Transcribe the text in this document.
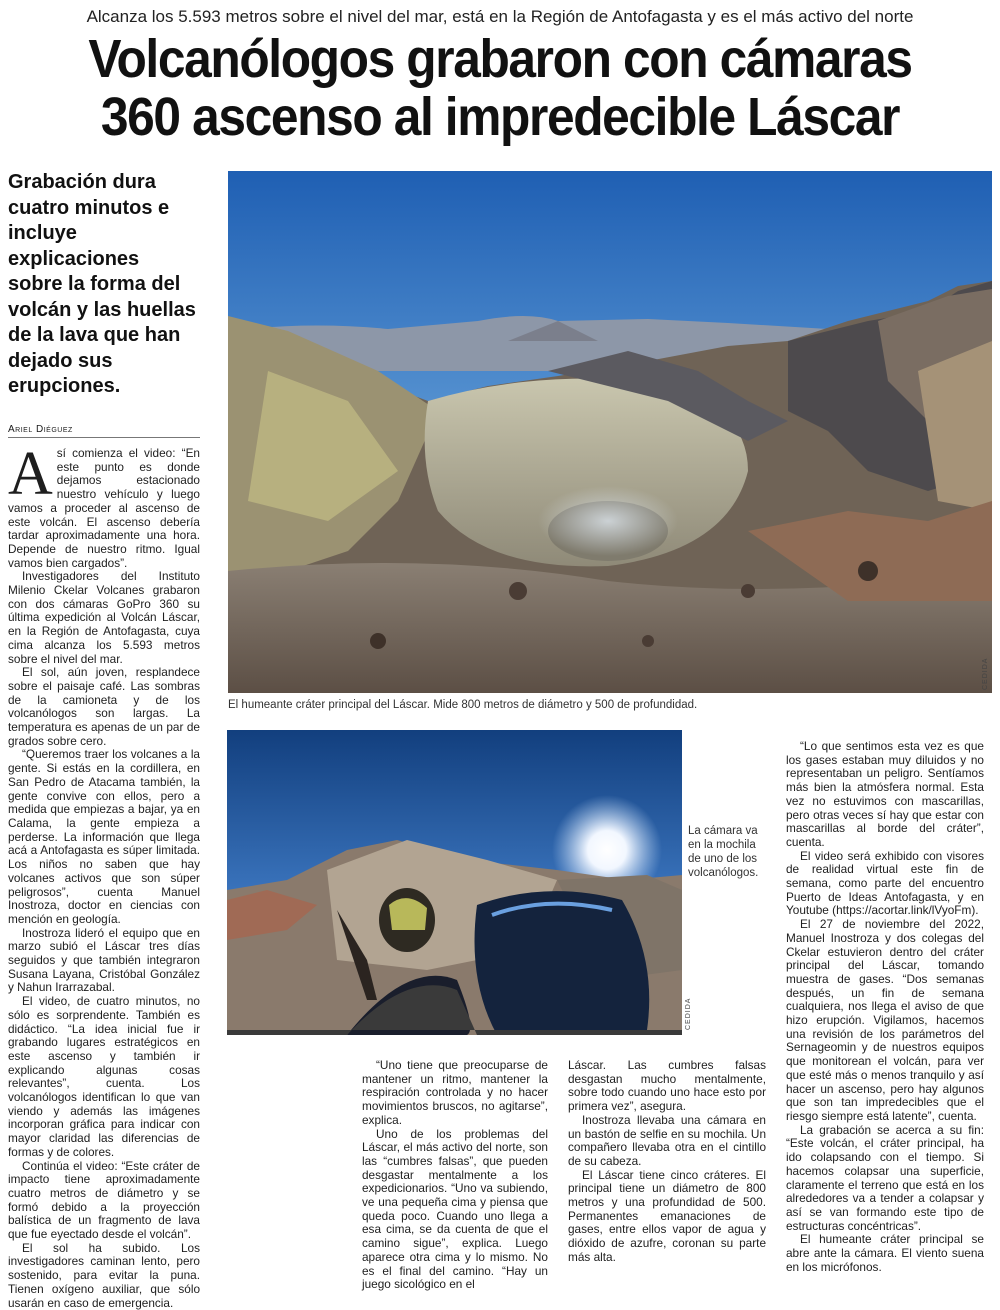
Alcanza los 5.593 metros sobre el nivel del mar, está en la Región de Antofagasta y es el más activo del norte
Volcanólogos grabaron con cámaras
360 ascenso al impredecible Láscar
Grabación dura cuatro minutos e incluye explicaciones sobre la forma del volcán y las huellas de la lava que han dejado sus erupciones.
Ariel Diéguez

Así comienza el video: “En este punto es donde dejamos estacionado nuestro vehículo y luego vamos a proceder al ascenso de este volcán. El ascenso debería tardar aproximadamente una hora. Depende de nuestro ritmo. Igual vamos bien cargados”.

Investigadores del Instituto Milenio Ckelar Volcanes grabaron con dos cámaras GoPro 360 su última expedición al Volcán Láscar, en la Región de Antofagasta, cuya cima alcanza los 5.593 metros sobre el nivel del mar.

El sol, aún joven, resplandece sobre el paisaje café. Las sombras de la camioneta y de los volcanólogos son largas. La temperatura es apenas de un par de grados sobre cero.

“Queremos traer los volcanes a la gente. Si estás en la cordillera, en San Pedro de Atacama también, la gente convive con ellos, pero a medida que empiezas a bajar, ya en Calama, la gente empieza a perderse. La información que llega acá a Antofagasta es súper limitada. Los niños no saben que hay volcanes activos que son súper peligrosos”, cuenta Manuel Inostroza, doctor en ciencias con mención en geología.

Inostroza lideró el equipo que en marzo subió el Láscar tres días seguidos y que también integraron Susana Layana, Cristóbal González y Nahun Irarrazabal.

El video, de cuatro minutos, no sólo es sorprendente. También es didáctico. “La idea inicial fue ir grabando lugares estratégicos en este ascenso y también ir explicando algunas cosas relevantes”, cuenta. Los volcanólogos identifican lo que van viendo y además las imágenes incorporan gráfica para indicar con mayor claridad las diferencias de formas y de colores.

Continúa el video: “Este cráter de impacto tiene aproximadamente cuatro metros de diámetro y se formó debido a la proyección balística de un fragmento de lava que fue eyectado desde el volcán”.

El sol ha subido. Los investigadores caminan lento, pero sostenido, para evitar la puna. Tienen oxígeno auxiliar, que sólo usarán en caso de emergencia.

CEDIDA
El humeante cráter principal del Láscar. Mide 800 metros de diámetro y 500 de profundidad.
CEDIDA
La cámara va en la mochila de uno de los volcanólogos.

“Uno tiene que preocuparse de mantener un ritmo, mantener la respiración controlada y no hacer movimientos bruscos, no agitarse”, explica.

Uno de los problemas del Láscar, el más activo del norte, son las “cumbres falsas”, que pueden desgastar mentalmente a los expedicionarios. “Uno va subiendo, ve una pequeña cima y piensa que queda poco. Cuando uno llega a esa cima, se da cuenta de que el camino sigue”, explica. Luego aparece otra cima y lo mismo. No es el final del camino. “Hay un juego sicológico en el

Láscar. Las cumbres falsas desgastan mucho mentalmente, sobre todo cuando uno hace esto por primera vez”, asegura.

Inostroza llevaba una cámara en un bastón de selfie en su mochila. Un compañero llevaba otra en el cintillo de su cabeza.

El Láscar tiene cinco cráteres. El principal tiene un diámetro de 800 metros y una profundidad de 500. Permanentes emanaciones de gases, entre ellos vapor de agua y dióxido de azufre, coronan su parte más alta.

“Lo que sentimos esta vez es que los gases estaban muy diluidos y no representaban un peligro. Sentíamos más bien la atmósfera normal. Esta vez no estuvimos con mascarillas, pero otras veces sí hay que estar con mascarillas al borde del cráter”, cuenta.

El video será exhibido con visores de realidad virtual este fin de semana, como parte del encuentro Puerto de Ideas Antofagasta, y en Youtube (https://acortar.link/lVyoFm).

El 27 de noviembre del 2022, Manuel Inostroza y dos colegas del Ckelar estuvieron dentro del cráter principal del Láscar, tomando muestra de gases. “Dos semanas después, un fin de semana cualquiera, nos llega el aviso de que hizo erupción. Vigilamos, hacemos una revisión de los parámetros del Sernageomin y de nuestros equipos que monitorean el volcán, para ver que esté más o menos tranquilo y así hacer un ascenso, pero hay algunos que son tan impredecibles que el riesgo siempre está latente”, cuenta.

La grabación se acerca a su fin: “Este volcán, el cráter principal, ha ido colapsando con el tiempo. Si hacemos colapsar una superficie, claramente el terreno que está en los alrededores va a tender a colapsar y así se van formando este tipo de estructuras concéntricas”.

El humeante cráter principal se abre ante la cámara. El viento suena en los micrófonos.
